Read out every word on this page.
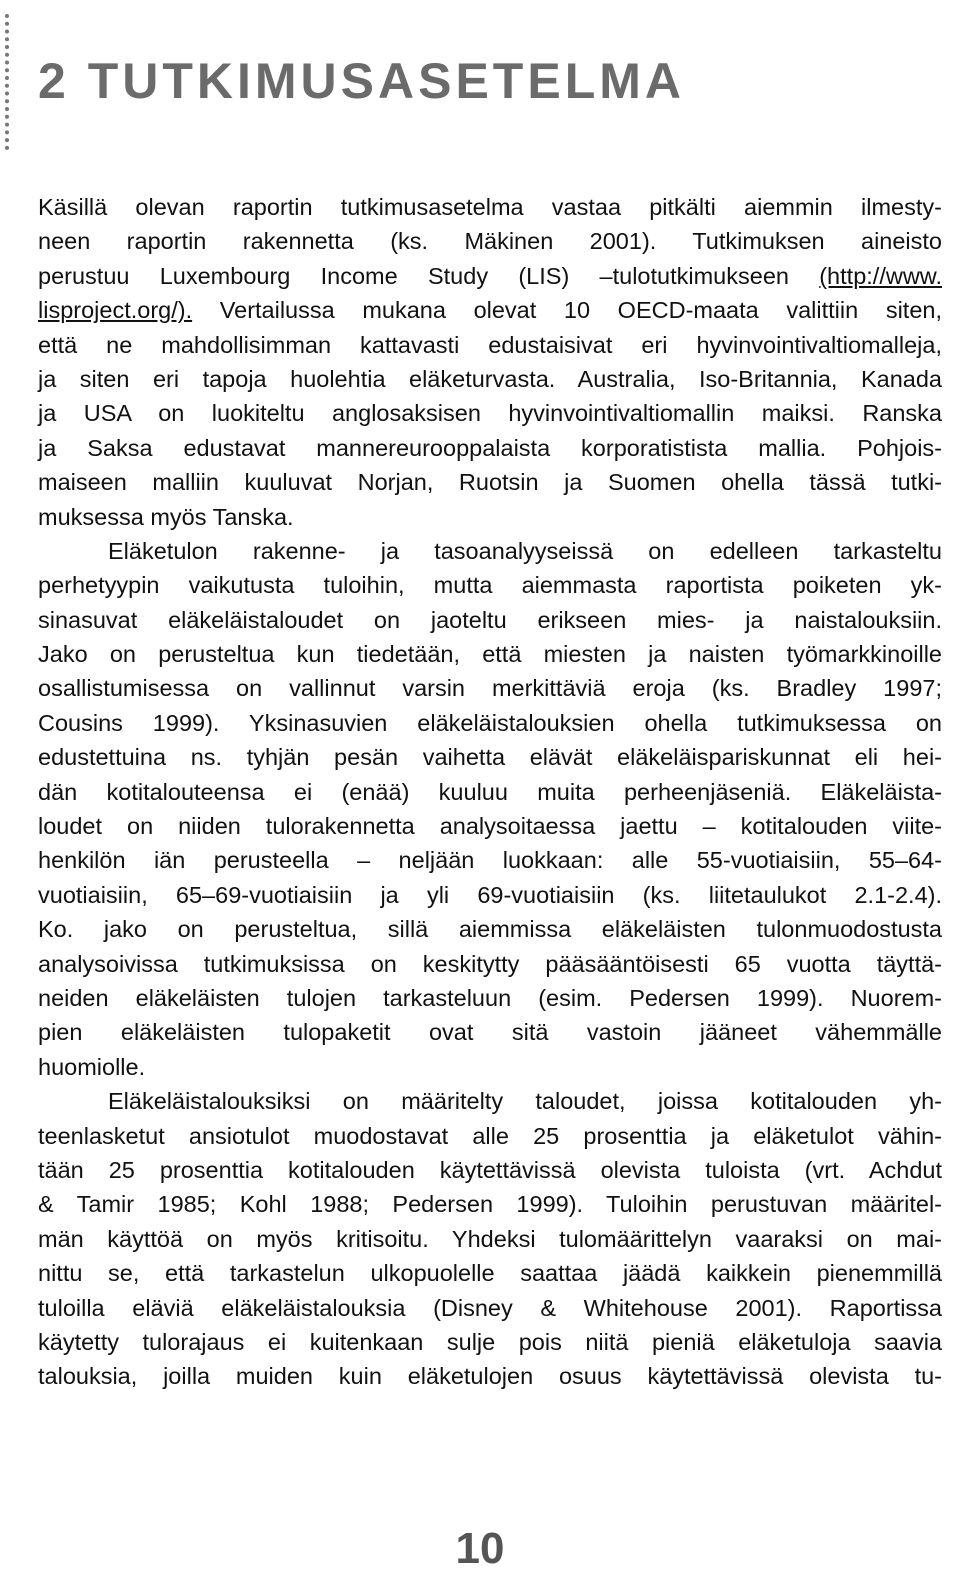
2 TUTKIMUSASETELMA
Käsillä olevan raportin tutkimusasetelma vastaa pitkälti aiemmin ilmesty-
neen raportin rakennetta (ks. Mäkinen 2001). Tutkimuksen aineisto
perustuu Luxembourg Income Study (LIS) –tulotutkimukseen (http://www.
lisproject.org/). Vertailussa mukana olevat 10 OECD-maata valittiin siten,
että ne mahdollisimman kattavasti edustaisivat eri hyvinvointivaltiomalleja,
ja siten eri tapoja huolehtia eläketurvasta. Australia, Iso-Britannia, Kanada
ja USA on luokiteltu anglosaksisen hyvinvointivaltiomallin maiksi. Ranska
ja Saksa edustavat mannereurooppalaista korporatistista mallia. Pohjois-
maiseen malliin kuuluvat Norjan, Ruotsin ja Suomen ohella tässä tutki-
muksessa myös Tanska.
Eläketulon rakenne- ja tasoanalyyseissä on edelleen tarkasteltu
perhetyypin vaikutusta tuloihin, mutta aiemmasta raportista poiketen yk-
sinasuvat eläkeläistaloudet on jaoteltu erikseen mies- ja naistalouksiin.
Jako on perusteltua kun tiedetään, että miesten ja naisten työmarkkinoille
osallistumisessa on vallinnut varsin merkittäviä eroja (ks. Bradley 1997;
Cousins 1999). Yksinasuvien eläkeläistalouksien ohella tutkimuksessa on
edustettuina ns. tyhjän pesän vaihetta elävät eläkeläispariskunnat eli hei-
dän kotitalouteensa ei (enää) kuuluu muita perheenjäseniä. Eläkeläista-
loudet on niiden tulorakennetta analysoitaessa jaettu – kotitalouden viite-
henkilön iän perusteella – neljään luokkaan: alle 55-vuotiaisiin, 55–64-
vuotiaisiin, 65–69-vuotiaisiin ja yli 69-vuotiaisiin (ks. liitetaulukot 2.1-2.4).
Ko. jako on perusteltua, sillä aiemmissa eläkeläisten tulonmuodostusta
analysoivissa tutkimuksissa on keskitytty pääsääntöisesti 65 vuotta täyttä-
neiden eläkeläisten tulojen tarkasteluun (esim. Pedersen 1999). Nuorem-
pien eläkeläisten tulopaketit ovat sitä vastoin jääneet vähemmälle
huomiolle.
Eläkeläistalouksiksi on määritelty taloudet, joissa kotitalouden yh-
teenlasketut ansiotulot muodostavat alle 25 prosenttia ja eläketulot vähin-
tään 25 prosenttia kotitalouden käytettävissä olevista tuloista (vrt. Achdut
& Tamir 1985; Kohl 1988; Pedersen 1999). Tuloihin perustuvan määritel-
män käyttöä on myös kritisoitu. Yhdeksi tulomäärittelyn vaaraksi on mai-
nittu se, että tarkastelun ulkopuolelle saattaa jäädä kaikkein pienemmillä
tuloilla eläviä eläkeläistalouksia (Disney & Whitehouse 2001). Raportissa
käytetty tulorajaus ei kuitenkaan sulje pois niitä pieniä eläketuloja saavia
talouksia, joilla muiden kuin eläketulojen osuus käytettävissä olevista tu-
10
